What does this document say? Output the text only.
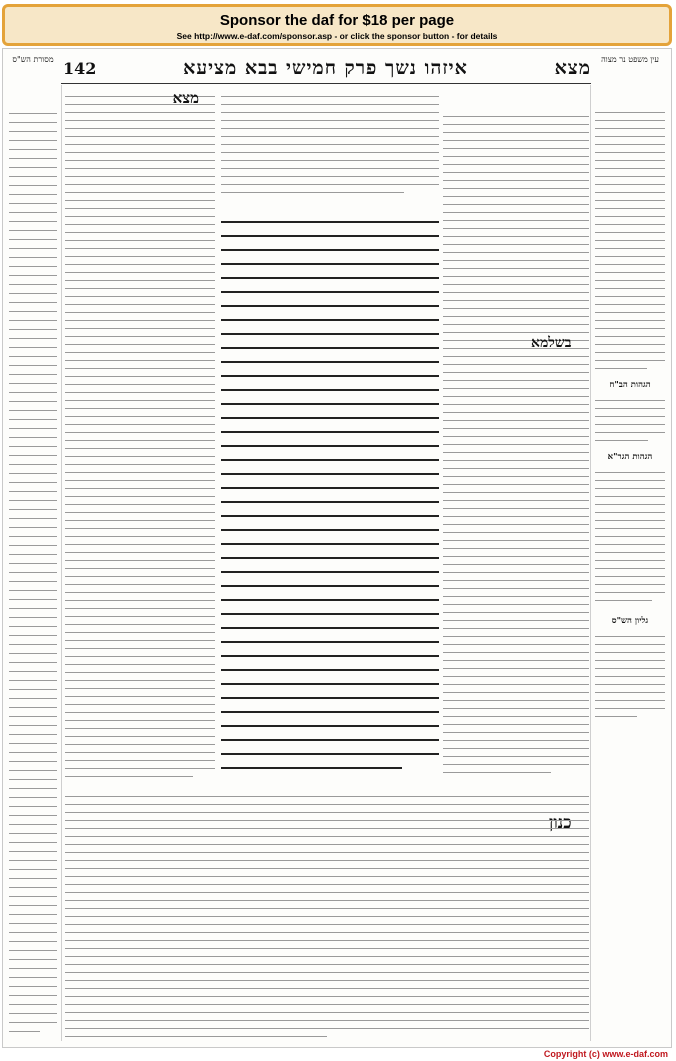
Sponsor the daf for $18 per page
See http://www.e-daf.com/sponsor.asp - or click the sponsor button - for details
מסורת הש"ס	עין משפט נר מצוה
מצא
איזהו נשך פרק חמישי בבא מציעא
142
הגהות הב"ח
הגהות הגר"א
גליון הש"ס
מצא
בשלמא
כנון
Copyright (c) www.e-daf.com
